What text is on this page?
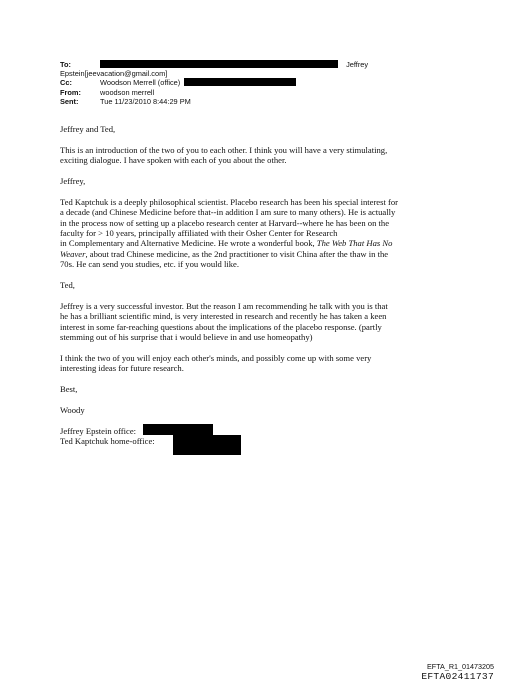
To:	Jeffrey
Epstein[jeevacation@gmail.com]
Cc:	Woodson Merrell (office)
From:	woodson merrell
Sent:	Tue 11/23/2010 8:44:29 PM

Jeffrey and Ted,

This is an introduction of the two of you to each other. I think you will have a very stimulating,
exciting dialogue. I have spoken with each of you about the other.

Jeffrey,

Ted Kaptchuk is a deeply philosophical scientist. Placebo research has been his special interest for
a decade (and Chinese Medicine before that--in addition I am sure to many others). He is actually
in the process now of setting up a placebo research center at Harvard--where he has been on the
faculty for > 10 years, principally affiliated with their Osher Center for Research
in Complementary and Alternative Medicine. He wrote a wonderful book, The Web That Has No
Weaver, about trad Chinese medicine, as the 2nd practitioner to visit China after the thaw in the
70s. He can send you studies, etc. if you would like.

Ted,

Jeffrey is a very successful investor. But the reason I am recommending he talk with you is that
he has a brilliant scientific mind, is very interested in research and recently he has taken a keen
interest in some far-reaching questions about the implications of the placebo response. (partly
stemming out of his surprise that i would believe in and use homeopathy)

I think the two of you will enjoy each other's minds, and possibly come up with some very
interesting ideas for future research.

Best,

Woody

Jeffrey Epstein office:
Ted Kaptchuk home-office:
EFTA_R1_01473205
EFTA02411737
